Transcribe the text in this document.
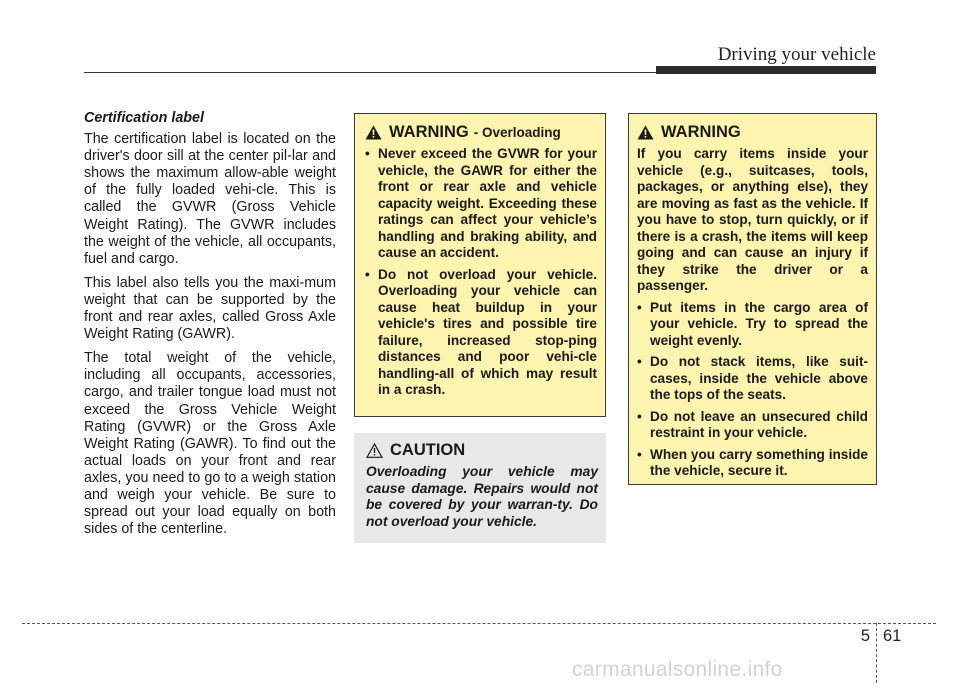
Driving your vehicle
Certification label

The certification label is located on the driver's door sill at the center pil-lar and shows the maximum allow-able weight of the fully loaded vehi-cle. This is called the GVWR (Gross Vehicle Weight Rating). The GVWR includes the weight of the vehicle, all occupants, fuel and cargo.

This label also tells you the maxi-mum weight that can be supported by the front and rear axles, called Gross Axle Weight Rating (GAWR).

The total weight of the vehicle, including all occupants, accessories, cargo, and trailer tongue load must not exceed the Gross Vehicle Weight Rating (GVWR) or the Gross Axle Weight Rating (GAWR). To find out the actual loads on your front and rear axles, you need to go to a weigh station and weigh your vehicle. Be sure to spread out your load equally on both sides of the centerline.

WARNING - Overloading
• Never exceed the GVWR for your vehicle, the GAWR for either the front or rear axle and vehicle capacity weight. Exceeding these ratings can affect your vehicle’s handling and braking ability, and cause an accident.
• Do not overload your vehicle. Overloading your vehicle can cause heat buildup in your vehicle's tires and possible tire failure, increased stop-ping distances and poor vehi-cle handling-all of which may result in a crash.
CAUTION
Overloading your vehicle may cause damage. Repairs would not be covered by your warran-ty. Do not overload your vehicle.
WARNING
If you carry items inside your vehicle (e.g., suitcases, tools, packages, or anything else), they are moving as fast as the vehicle. If you have to stop, turn quickly, or if there is a crash, the items will keep going and can cause an injury if they strike the driver or a passenger.
• Put items in the cargo area of your vehicle. Try to spread the weight evenly.
• Do not stack items, like suit-cases, inside the vehicle above the tops of the seats.
• Do not leave an unsecured child restraint in your vehicle.
• When you carry something inside the vehicle, secure it.
5 61
carmanualsonline.info
